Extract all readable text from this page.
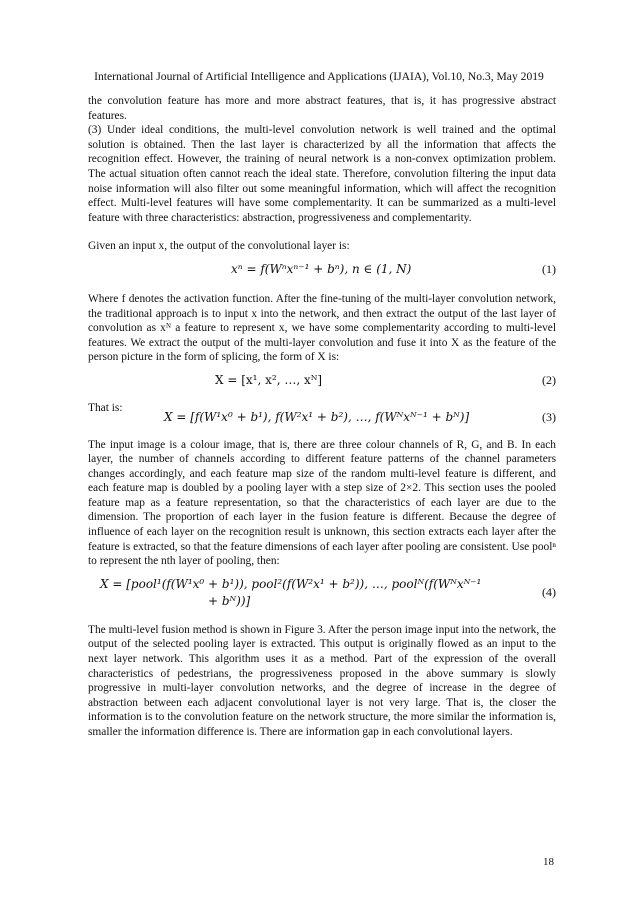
International Journal of Artificial Intelligence and Applications (IJAIA), Vol.10, No.3, May 2019

the convolution feature has more and more abstract features, that is, it has progressive abstract features.

(3) Under ideal conditions, the multi-level convolution network is well trained and the optimal solution is obtained. Then the last layer is characterized by all the information that affects the recognition effect. However, the training of neural network is a non-convex optimization problem. The actual situation often cannot reach the ideal state. Therefore, convolution filtering the input data noise information will also filter out some meaningful information, which will affect the recognition effect. Multi-level features will have some complementarity. It can be summarized as a multi-level feature with three characteristics: abstraction, progressiveness and complementarity.

Given an input x, the output of the convolutional layer is:

xⁿ = f(Wⁿxⁿ⁻¹ + bⁿ), n ∈ (1, N)	(1)

Where f denotes the activation function. After the fine-tuning of the multi-layer convolution network, the traditional approach is to input x into the network, and then extract the output of the last layer of convolution as xᴺ a feature to represent x, we have some complementarity according to multi-level features. We extract the output of the multi-layer convolution and fuse it into X as the feature of the person picture in the form of splicing, the form of X is:

X = [x¹, x², …, xᴺ]	(2)

That is:

X = [f(W¹x⁰ + b¹), f(W²x¹ + b²), …, f(Wᴺxᴺ⁻¹ + bᴺ)]	(3)

The input image is a colour image, that is, there are three colour channels of R, G, and B. In each layer, the number of channels according to different feature patterns of the channel parameters changes accordingly, and each feature map size of the random multi-level feature is different, and each feature map is doubled by a pooling layer with a step size of 2×2. This section uses the pooled feature map as a feature representation, so that the characteristics of each layer are due to the dimension. The proportion of each layer in the fusion feature is different. Because the degree of influence of each layer on the recognition result is unknown, this section extracts each layer after the feature is extracted, so that the feature dimensions of each layer after pooling are consistent. Use poolⁿ to represent the nth layer of pooling, then:

X = [pool¹(f(W¹x⁰ + b¹)), pool²(f(W²x¹ + b²)), …, poolᴺ(f(Wᴺxᴺ⁻¹
+ bᴺ))]
(4)

The multi-level fusion method is shown in Figure 3. After the person image input into the network, the output of the selected pooling layer is extracted. This output is originally flowed as an input to the next layer network. This algorithm uses it as a method. Part of the expression of the overall characteristics of pedestrians, the progressiveness proposed in the above summary is slowly progressive in multi-layer convolution networks, and the degree of increase in the degree of abstraction between each adjacent convolutional layer is not very large. That is, the closer the information is to the convolution feature on the network structure, the more similar the information is, smaller the information difference is. There are information gap in each convolutional layers.

18
